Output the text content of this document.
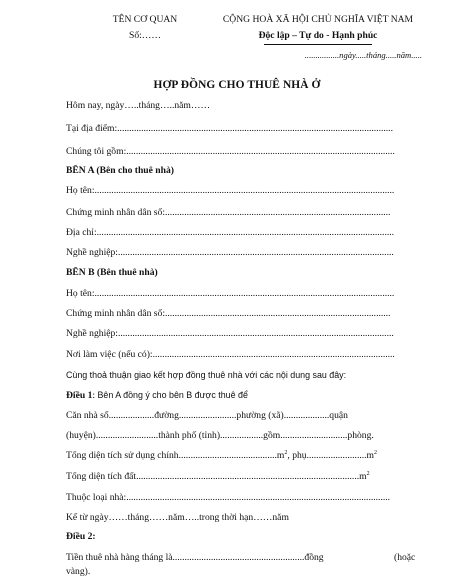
TÊN CƠ QUAN
Số:……
CỘNG HOÀ XÃ HỘI CHỦ NGHĨA VIỆT NAM
Độc lập – Tự do - Hạnh phúc
................ngày.....tháng.....năm.....
HỢP ĐỒNG CHO THUÊ NHÀ Ở
Hôm nay, ngày…..tháng…..năm……
Tại địa điểm:...................................................................................................................
Chúng tôi gồm:................................................................................................................
BÊN A (Bên cho thuê nhà)
Họ tên:.............................................................................................................................
Chứng minh nhân dân số:..............................................................................................
Địa chỉ:............................................................................................................................
Nghề nghiệp:...................................................................................................................
BÊN B (Bên thuê nhà)
Họ tên:.............................................................................................................................
Chứng minh nhân dân số:..............................................................................................
Nghề nghiệp:...................................................................................................................
Nơi làm việc (nếu có):.....................................................................................................
Cùng thoả thuận giao kết hợp đồng thuê nhà với các nội dung sau đây:
Điều 1: Bên A đồng ý cho bên B được thuê để
Căn nhà số...................đường........................phường (xã)...................quận
(huyện)..........................thành phố (tỉnh)..................gồm............................phòng.
Tổng diện tích sử dụng $chính.........................................m^2$, $phụ.........................m^2$
Tổng diện tích $đất.............................................................................................m^2$
Thuộc loại nhà:..............................................................................................................
Kể từ ngày……tháng……năm…..trong thời hạn……năm
Điều 2:
Tiền thuê nhà hàng tháng là.......................................................đồng	(hoặc
vàng).
